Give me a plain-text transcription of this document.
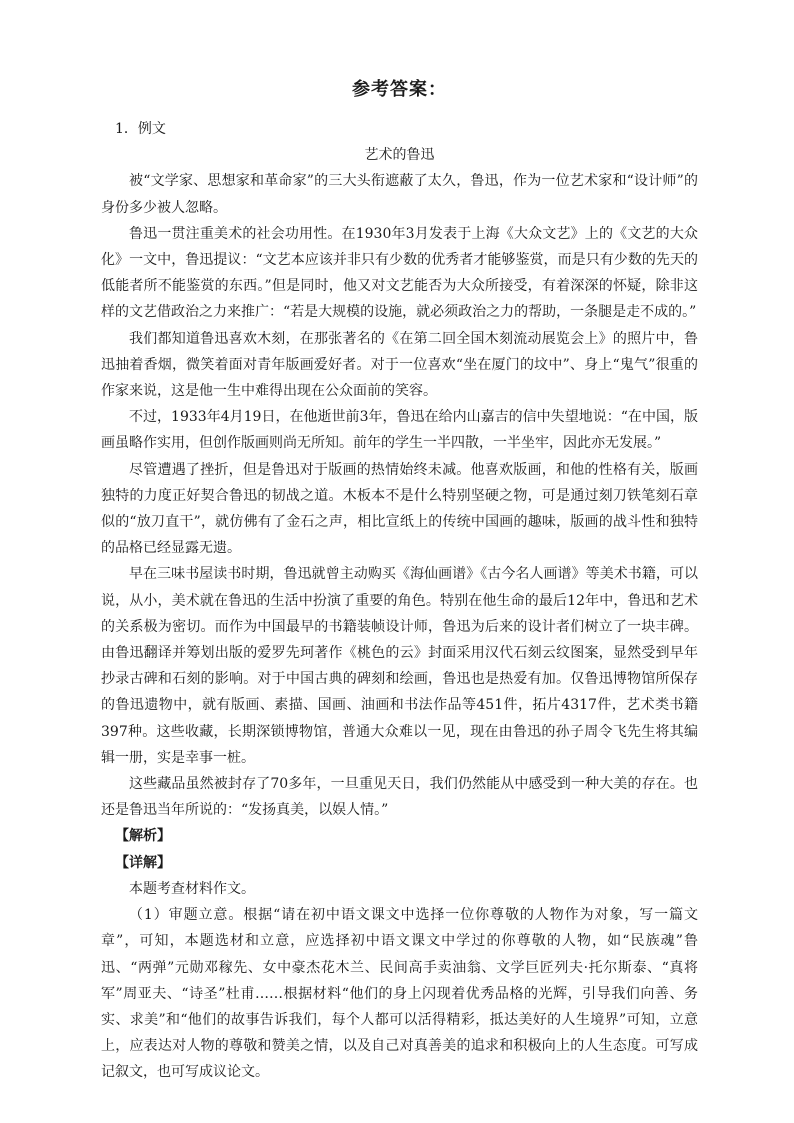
参考答案：

1．例文

艺术的鲁迅

被“文学家、思想家和革命家”的三大头衔遮蔽了太久，鲁迅，作为一位艺术家和“设计师”的身份多少被人忽略。

鲁迅一贯注重美术的社会功用性。在1930年3月发表于上海《大众文艺》上的《文艺的大众化》一文中，鲁迅提议：“文艺本应该并非只有少数的优秀者才能够鉴赏，而是只有少数的先天的低能者所不能鉴赏的东西。”但是同时，他又对文艺能否为大众所接受，有着深深的怀疑，除非这样的文艺借政治之力来推广：“若是大规模的设施，就必须政治之力的帮助，一条腿是走不成的。”

我们都知道鲁迅喜欢木刻，在那张著名的《在第二回全国木刻流动展览会上》的照片中，鲁迅抽着香烟，微笑着面对青年版画爱好者。对于一位喜欢“坐在厦门的坟中”、身上“鬼气”很重的作家来说，这是他一生中难得出现在公众面前的笑容。

不过，1933年4月19日，在他逝世前3年，鲁迅在给内山嘉吉的信中失望地说：“在中国，版画虽略作实用，但创作版画则尚无所知。前年的学生一半四散，一半坐牢，因此亦无发展。”

尽管遭遇了挫折，但是鲁迅对于版画的热情始终未减。他喜欢版画，和他的性格有关，版画独特的力度正好契合鲁迅的韧战之道。木板本不是什么特别坚硬之物，可是通过刻刀铁笔刻石章似的“放刀直干”，就仿佛有了金石之声，相比宣纸上的传统中国画的趣味，版画的战斗性和独特的品格已经显露无遗。

早在三味书屋读书时期，鲁迅就曾主动购买《海仙画谱》《古今名人画谱》等美术书籍，可以说，从小，美术就在鲁迅的生活中扮演了重要的角色。特别在他生命的最后12年中，鲁迅和艺术的关系极为密切。而作为中国最早的书籍装帧设计师，鲁迅为后来的设计者们树立了一块丰碑。由鲁迅翻译并筹划出版的爱罗先珂著作《桃色的云》封面采用汉代石刻云纹图案，显然受到早年抄录古碑和石刻的影响。对于中国古典的碑刻和绘画，鲁迅也是热爱有加。仅鲁迅博物馆所保存的鲁迅遗物中，就有版画、素描、国画、油画和书法作品等451件，拓片4317件，艺术类书籍397种。这些收藏，长期深锁博物馆，普通大众难以一见，现在由鲁迅的孙子周令飞先生将其编辑一册，实是幸事一桩。

这些藏品虽然被封存了70多年，一旦重见天日，我们仍然能从中感受到一种大美的存在。也还是鲁迅当年所说的：“发扬真美，以娱人情。”

【解析】

【详解】

本题考查材料作文。

（1）审题立意。根据“请在初中语文课文中选择一位你尊敬的人物作为对象，写一篇文章”，可知，本题选材和立意，应选择初中语文课文中学过的你尊敬的人物，如“民族魂”鲁迅、“两弹”元勋邓稼先、女中豪杰花木兰、民间高手卖油翁、文学巨匠列夫·托尔斯泰、“真将军”周亚夫、“诗圣”杜甫……根据材料“他们的身上闪现着优秀品格的光辉，引导我们向善、务实、求美”和“他们的故事告诉我们，每个人都可以活得精彩，抵达美好的人生境界”可知，立意上，应表达对人物的尊敬和赞美之情，以及自己对真善美的追求和积极向上的人生态度。可写成记叙文，也可写成议论文。
